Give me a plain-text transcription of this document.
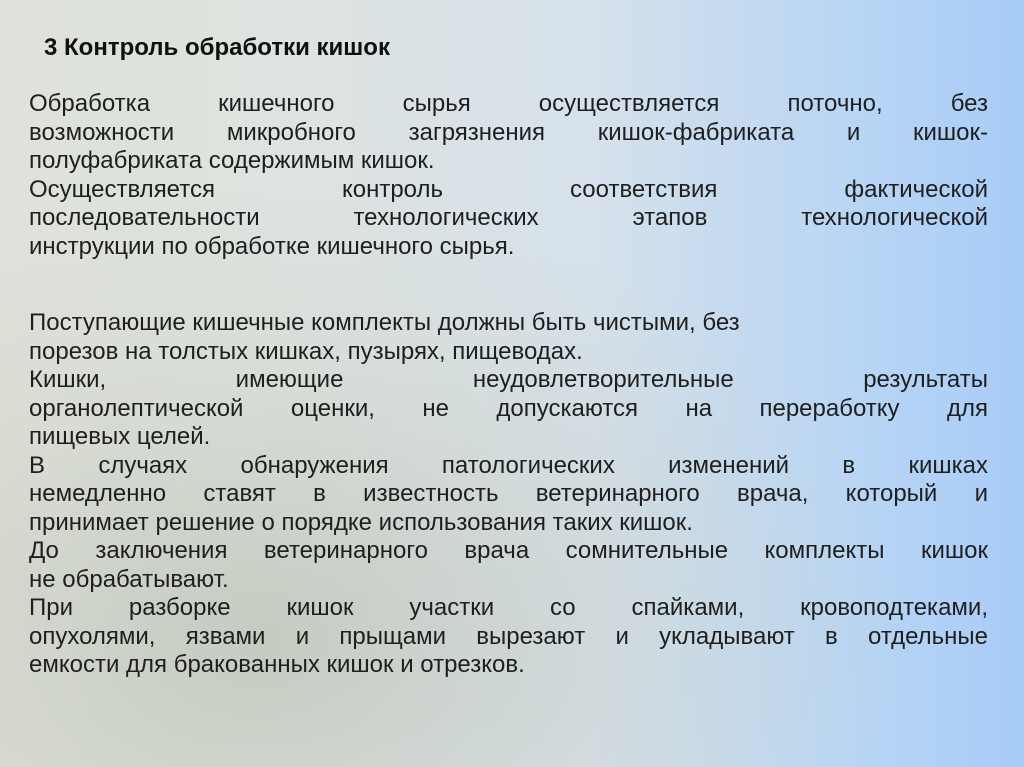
3 Контроль обработки кишок
Обработка кишечного сырья осуществляется поточно, без
возможности микробного загрязнения кишок-фабриката и кишок-
полуфабриката содержимым кишок.
Осуществляется контроль соответствия фактической
последовательности технологических этапов технологической
инструкции по обработке кишечного сырья.
Поступающие кишечные комплекты должны быть чистыми, без
порезов на толстых кишках, пузырях, пищеводах.
Кишки, имеющие неудовлетворительные результаты
органолептической оценки, не допускаются на переработку для
пищевых целей.
В случаях обнаружения патологических изменений в кишках
немедленно ставят в известность ветеринарного врача, который и
принимает решение о порядке использования таких кишок.
До заключения ветеринарного врача сомнительные комплекты кишок
не обрабатывают.
При разборке кишок участки со спайками, кровоподтеками,
опухолями, язвами и прыщами вырезают и укладывают в отдельные
емкости для бракованных кишок и отрезков.
